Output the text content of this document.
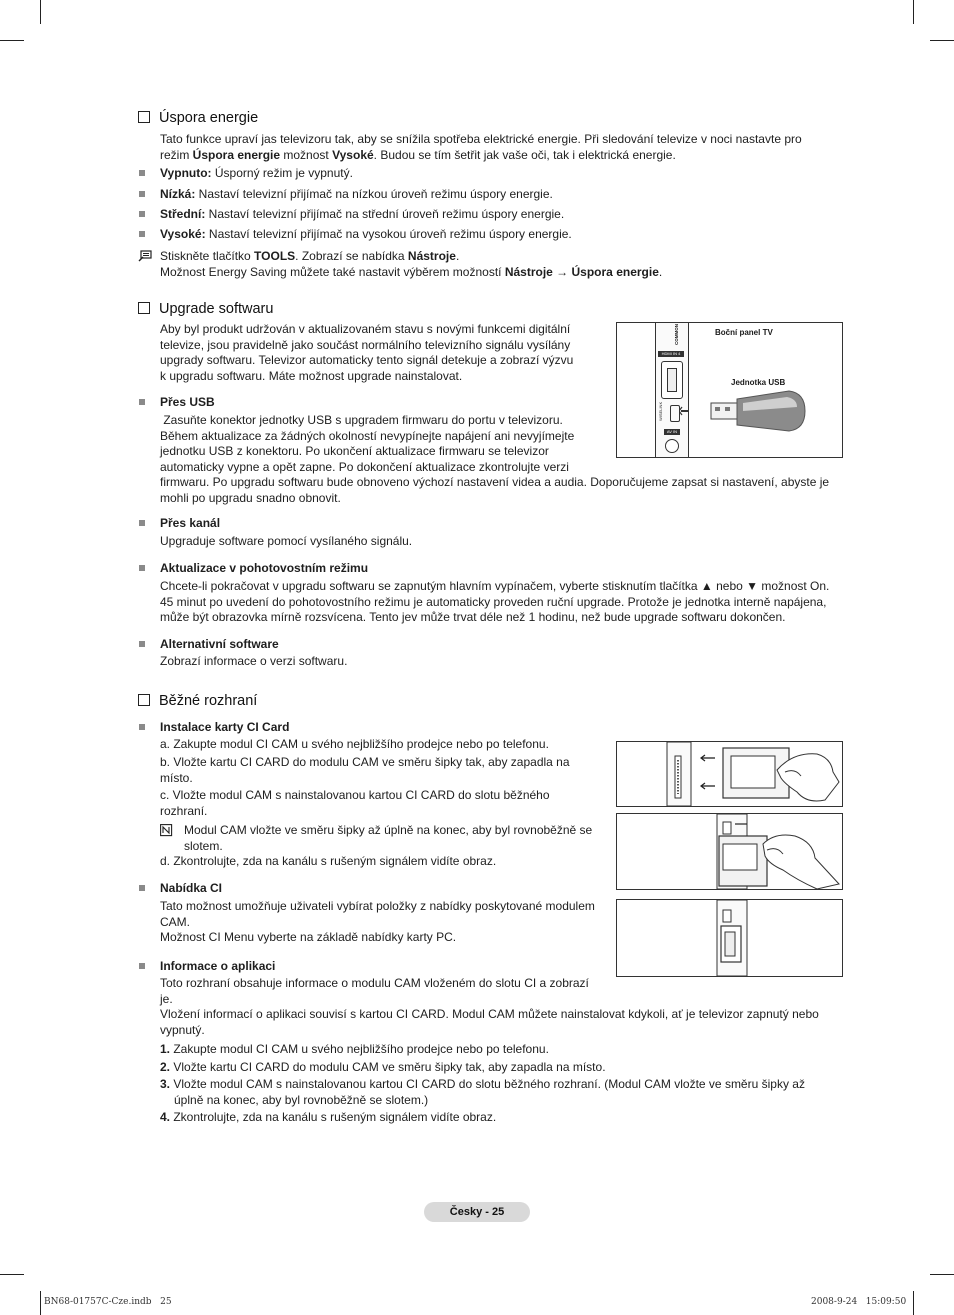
Úspora energie
Tato funkce upraví jas televizoru tak, aby se snížila spotřeba elektrické energie. Při sledování televize v noci nastavte pro
režim Úspora energie možnost Vysoké. Budou se tím šetřit jak vaše oči, tak i elektrická energie.
Vypnuto: Úsporný režim je vypnutý.
Nízká: Nastaví televizní přijímač na nízkou úroveň režimu úspory energie.
Střední: Nastaví televizní přijímač na střední úroveň režimu úspory energie.
Vysoké: Nastaví televizní přijímač na vysokou úroveň režimu úspory energie.
Stiskněte tlačítko TOOLS. Zobrazí se nabídka Nástroje.
Možnost Energy Saving můžete také nastavit výběrem možností Nástroje → Úspora energie.
Upgrade softwaru
Aby byl produkt udržován v aktualizovaném stavu s novými funkcemi digitální
televize, jsou pravidelně jako součást normálního televizního signálu vysílány
upgrady softwaru. Televizor automaticky tento signál detekuje a zobrazí výzvu
k upgradu softwaru. Máte možnost upgrade nainstalovat.
Přes USB
Zasuňte konektor jednotky USB s upgradem firmwaru do portu v televizoru.
Během aktualizace za žádných okolností nevypínejte napájení ani nevyjímejte
jednotku USB z konektoru. Po ukončení aktualizace firmwaru se televizor
automaticky vypne a opět zapne. Po dokončení aktualizace zkontrolujte verzi
firmwaru. Po upgradu softwaru bude obnoveno výchozí nastavení videa a audia. Doporučujeme zapsat si nastavení, abyste je
mohli po upgradu snadno obnovit.
HDMI IN 4
COMMON
WISELINK
AV IN
Boční panel TV
Jednotka USB
Přes kanál
Upgraduje software pomocí vysílaného signálu.
Aktualizace v pohotovostním režimu
Chcete-li pokračovat v upgradu softwaru se zapnutým hlavním vypínačem, vyberte stisknutím tlačítka ▲ nebo ▼ možnost On.
45 minut po uvedení do pohotovostního režimu je automaticky proveden ruční upgrade. Protože je jednotka interně napájena,
může být obrazovka mírně rozsvícena. Tento jev může trvat déle než 1 hodinu, než bude upgrade softwaru dokončen.
Alternativní software
Zobrazí informace o verzi softwaru.
Běžné rozhraní
Instalace karty CI Card
a. Zakupte modul CI CAM u svého nejbližšího prodejce nebo po telefonu.
b. Vložte kartu CI CARD do modulu CAM ve směru šipky tak, aby zapadla na
místo.
c. Vložte modul CAM s nainstalovanou kartou CI CARD do slotu běžného
rozhraní.
Modul CAM vložte ve směru šipky až úplně na konec, aby byl rovnoběžně se
slotem.
d. Zkontrolujte, zda na kanálu s rušeným signálem vidíte obraz.
Nabídka CI
Tato možnost umožňuje uživateli vybírat položky z nabídky poskytované modulem
CAM.
Možnost CI Menu vyberte na základě nabídky karty PC.
Informace o aplikaci
Toto rozhraní obsahuje informace o modulu CAM vloženém do slotu CI a zobrazí
je.
Vložení informací o aplikaci souvisí s kartou CI CARD. Modul CAM můžete nainstalovat kdykoli, ať je televizor zapnutý nebo
vypnutý.
1. Zakupte modul CI CAM u svého nejbližšího prodejce nebo po telefonu.
2. Vložte kartu CI CARD do modulu CAM ve směru šipky tak, aby zapadla na místo.
3. Vložte modul CAM s nainstalovanou kartou CI CARD do slotu běžného rozhraní. (Modul CAM vložte ve směru šipky až
úplně na konec, aby byl rovnoběžně se slotem.)
4. Zkontrolujte, zda na kanálu s rušeným signálem vidíte obraz.
Česky - 25
BN68-01757C-Cze.indb   25	2008-9-24   15:09:50
